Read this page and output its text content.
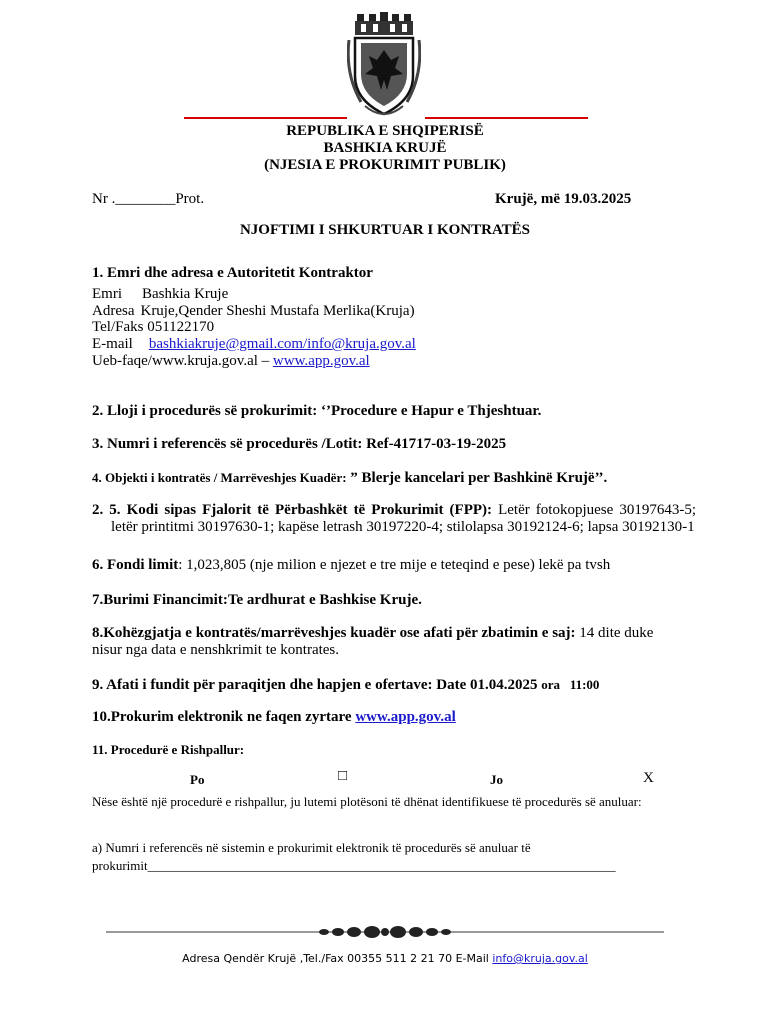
REPUBLIKA E SHQIPERISË
BASHKIA KRUJË
(NJESIA E PROKURIMIT PUBLIK)
Nr .________Prot.	Krujë, më 19.03.2025
NJOFTIMI I SHKURTUAR I KONTRATËS
1. Emri dhe adresa e Autoritetit Kontraktor
Emri Bashkia Kruje
Adresa Kruje,Qender Sheshi Mustafa Merlika(Kruja)
Tel/Faks 051122170
E-mail bashkiakruje@gmail.com/info@kruja.gov.al
Ueb-faqe/www.kruja.gov.al – www.app.gov.al
2. Lloji i procedurës së prokurimit: ‘’Procedure e Hapur e Thjeshtuar.
3. Numri i referencës së procedurës /Lotit: Ref-41717-03-19-2025
4. Objekti i kontratës / Marrëveshjes Kuadër: ” Blerje kancelari per Bashkinë Krujë’’.
2. 5. Kodi sipas Fjalorit të Përbashkët të Prokurimit (FPP): Letër fotokopjuese 30197643-5; letër printitmi 30197630-1; kapëse letrash 30197220-4; stilolapsa 30192124-6; lapsa 30192130-1
6. Fondi limit: 1,023,805 (nje milion e njezet e tre mije e teteqind e pese) lekë pa tvsh
7.Burimi Financimit:Te ardhurat e Bashkise Kruje.
8.Kohëzgjatja e kontratës/marrëveshjes kuadër ose afati për zbatimin e saj: 14 dite duke nisur nga data e nenshkrimit te kontrates.
9. Afati i fundit për paraqitjen dhe hapjen e ofertave: Date 01.04.2025 ora 11:00
10.Prokurim elektronik ne faqen zyrtare www.app.gov.al
11. Procedurë e Rishpallur:
Po	□	Jo	X
Nëse është një procedurë e rishpallur, ju lutemi plotësoni të dhënat identifikuese të procedurës së anuluar:
a) Numri i referencës në sistemin e prokurimit elektronik të procedurës së anuluar të
prokurimit________________________________________________________________________
Adresa Qendër Krujë ,Tel./Fax 00355 511 2 21 70 E-Mail info@kruja.gov.al
